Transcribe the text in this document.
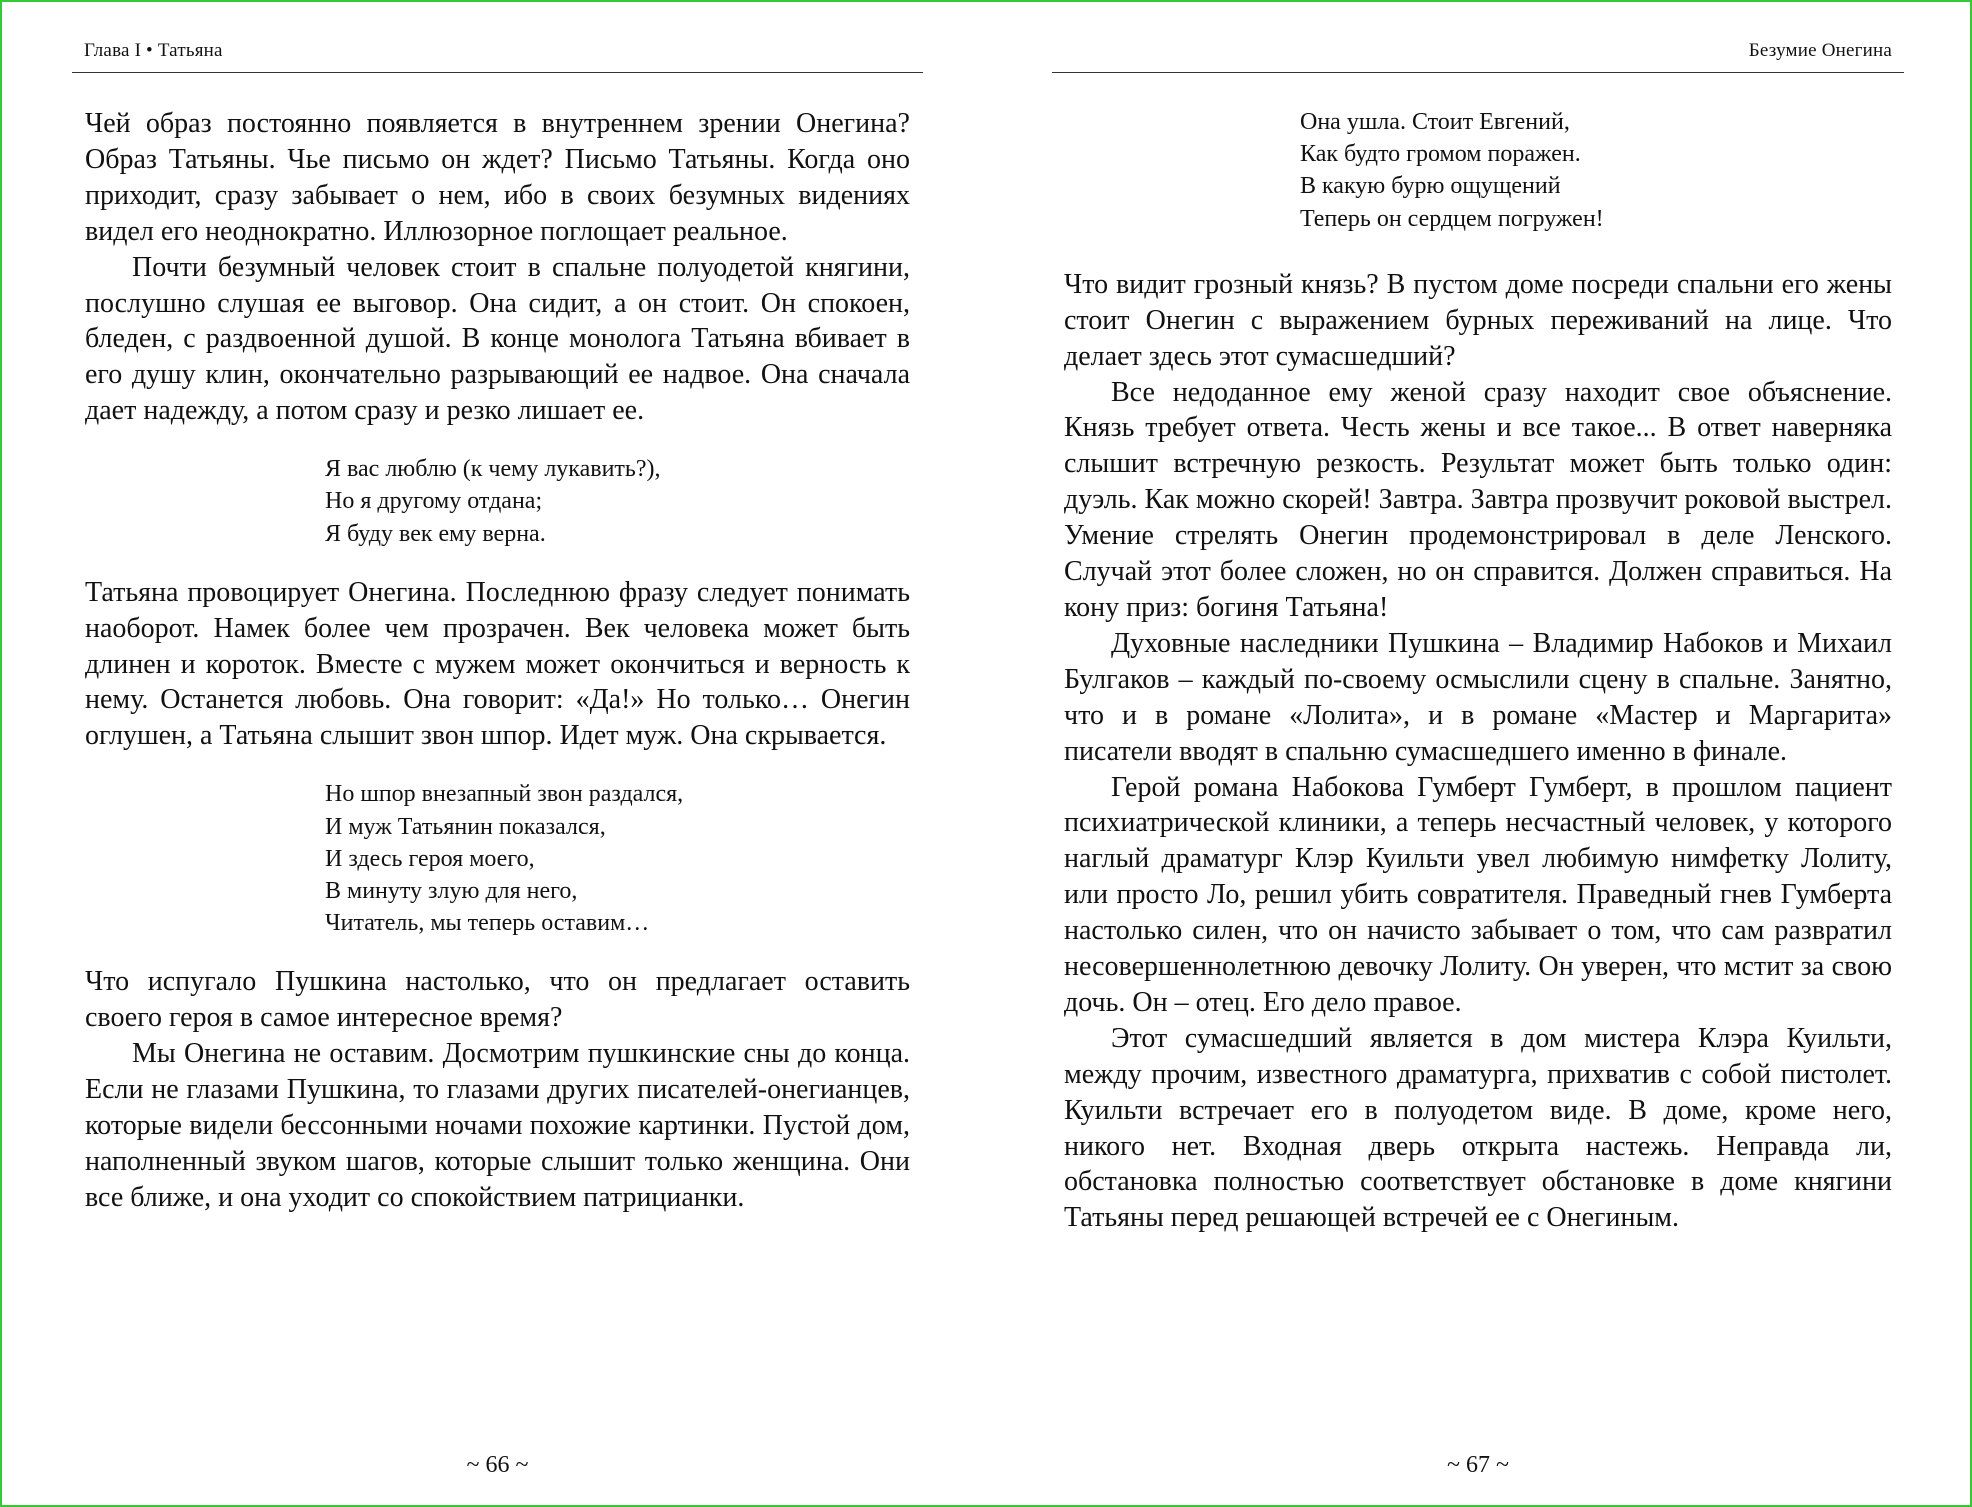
Глава I • Татьяна

Чей образ постоянно появляется в внутреннем зрении Онегина? Образ Татьяны. Чье письмо он ждет? Письмо Татьяны. Когда оно приходит, сразу забывает о нем, ибо в своих безумных видениях видел его неоднократно. Иллюзорное поглощает реальное.

Почти безумный человек стоит в спальне полуодетой княгини, послушно слушая ее выговор. Она сидит, а он стоит. Он спокоен, бледен, с раздвоенной душой. В конце монолога Татьяна вбивает в его душу клин, окончательно разрывающий ее надвое. Она сначала дает надежду, а потом сразу и резко лишает ее.

Я вас люблю (к чему лукавить?),
Но я другому отдана;
Я буду век ему верна.

Татьяна провоцирует Онегина. Последнюю фразу следует понимать наоборот. Намек более чем прозрачен. Век человека может быть длинен и короток. Вместе с мужем может окончиться и верность к нему. Останется любовь. Она говорит: «Да!» Но только… Онегин оглушен, а Татьяна слышит звон шпор. Идет муж. Она скрывается.

Но шпор внезапный звон раздался,
И муж Татьянин показался,
И здесь героя моего,
В минуту злую для него,
Читатель, мы теперь оставим…

Что испугало Пушкина настолько, что он предлагает оставить своего героя в самое интересное время?

Мы Онегина не оставим. Досмотрим пушкинские сны до конца. Если не глазами Пушкина, то глазами других писателей-онегианцев, которые видели бессонными ночами похожие картинки. Пустой дом, наполненный звуком шагов, которые слышит только женщина. Они все ближе, и она уходит со спокойствием патрицианки.

~ 66 ~
Безумие Онегина
Она ушла. Стоит Евгений,
Как будто громом поражен.
В какую бурю ощущений
Теперь он сердцем погружен!

Что видит грозный князь? В пустом доме посреди спальни его жены стоит Онегин с выражением бурных переживаний на лице. Что делает здесь этот сумасшедший?

Все недоданное ему женой сразу находит свое объяснение. Князь требует ответа. Честь жены и все такое... В ответ наверняка слышит встречную резкость. Результат может быть только один: дуэль. Как можно скорей! Завтра. Завтра прозвучит роковой выстрел. Умение стрелять Онегин продемонстрировал в деле Ленского. Случай этот более сложен, но он справится. Должен справиться. На кону приз: богиня Татьяна!

Духовные наследники Пушкина – Владимир Набоков и Михаил Булгаков – каждый по-своему осмыслили сцену в спальне. Занятно, что и в романе «Лолита», и в романе «Мастер и Маргарита» писатели вводят в спальню сумасшедшего именно в финале.

Герой романа Набокова Гумберт Гумберт, в прошлом пациент психиатрической клиники, а теперь несчастный человек, у которого наглый драматург Клэр Куильти увел любимую нимфетку Лолиту, или просто Ло, решил убить совратителя. Праведный гнев Гумберта настолько силен, что он начисто забывает о том, что сам развратил несовершеннолетнюю девочку Лолиту. Он уверен, что мстит за свою дочь. Он – отец. Его дело правое.

Этот сумасшедший является в дом мистера Клэра Куильти, между прочим, известного драматурга, прихватив с собой пистолет. Куильти встречает его в полуодетом виде. В доме, кроме него, никого нет. Входная дверь открыта настежь. Неправда ли, обстановка полностью соответствует обстановке в доме княгини Татьяны перед решающей встречей ее с Онегиным.

~ 67 ~
